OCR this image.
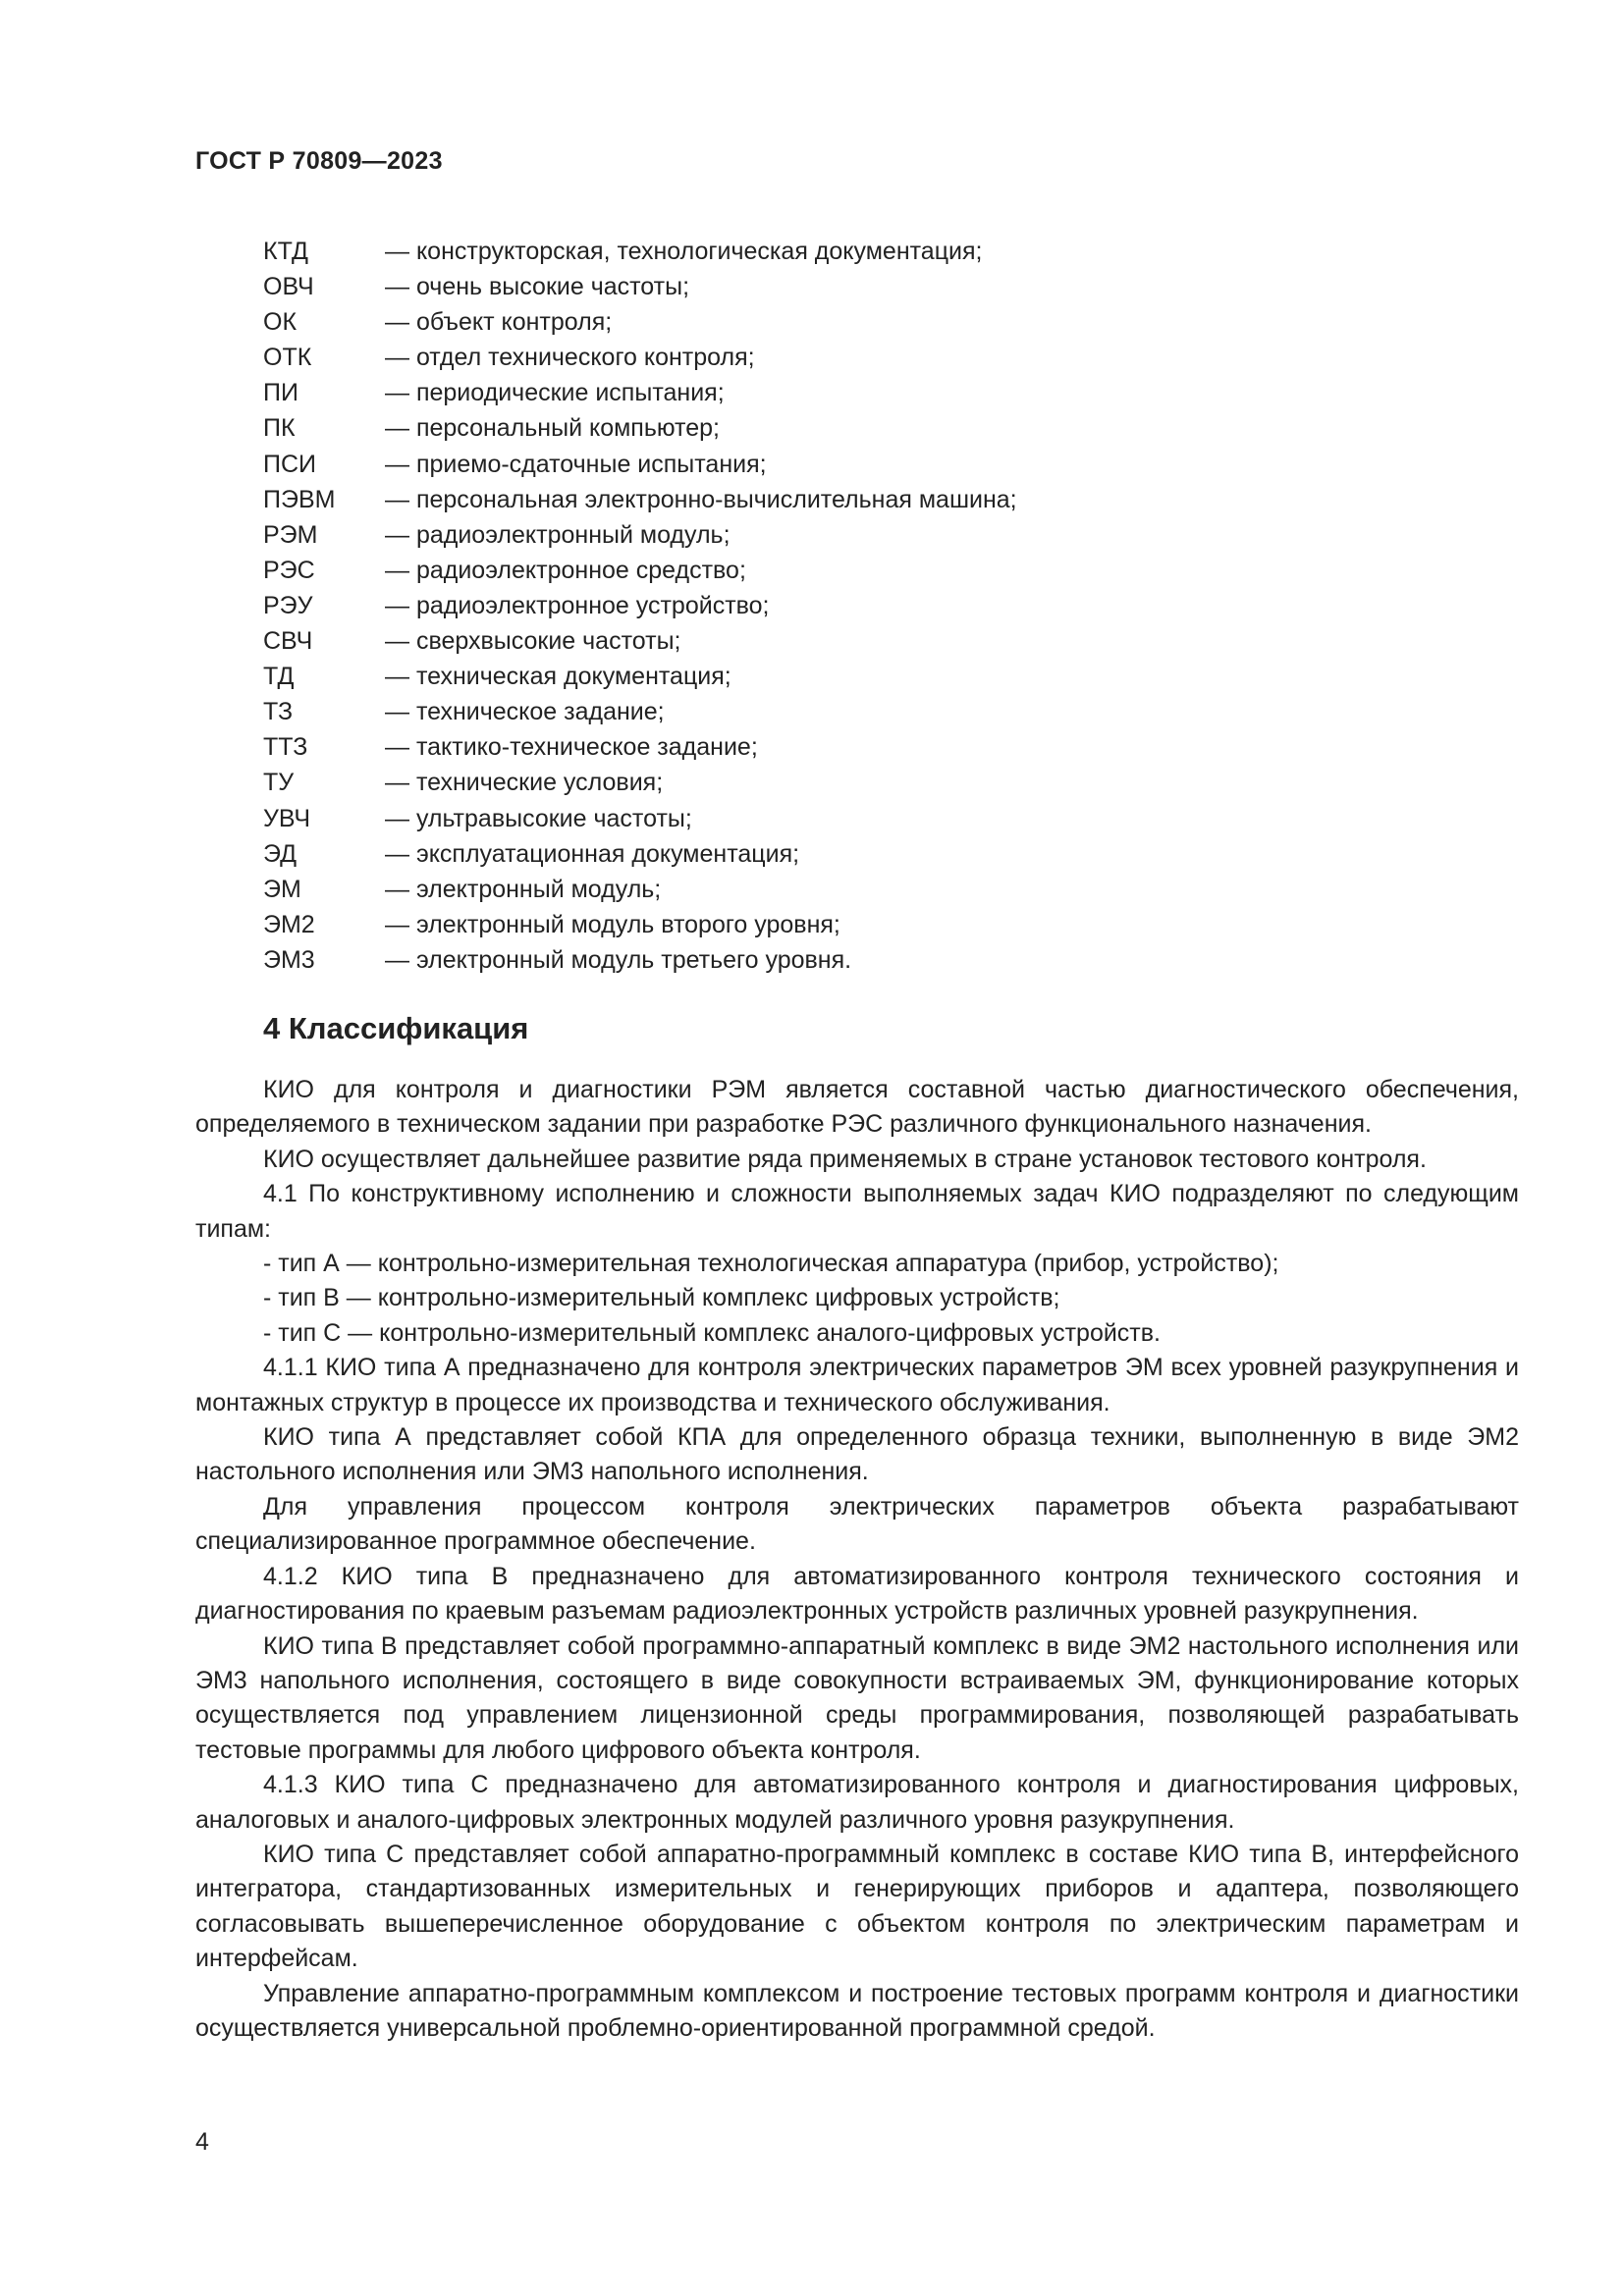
ГОСТ Р 70809—2023
КТД	— конструкторская, технологическая документация;
ОВЧ	— очень высокие частоты;
ОК	— объект контроля;
ОТК	— отдел технического контроля;
ПИ	— периодические испытания;
ПК	— персональный компьютер;
ПСИ	— приемо-сдаточные испытания;
ПЭВМ	— персональная электронно-вычислительная машина;
РЭМ	— радиоэлектронный модуль;
РЭС	— радиоэлектронное средство;
РЭУ	— радиоэлектронное устройство;
СВЧ	— сверхвысокие частоты;
ТД	— техническая документация;
ТЗ	— техническое задание;
ТТЗ	— тактико-техническое задание;
ТУ	— технические условия;
УВЧ	— ультравысокие частоты;
ЭД	— эксплуатационная документация;
ЭМ	— электронный модуль;
ЭМ2	— электронный модуль второго уровня;
ЭМ3	— электронный модуль третьего уровня.
4 Классификация

КИО для контроля и диагностики РЭМ является составной частью диагностического обеспечения, определяемого в техническом задании при разработке РЭС различного функционального назначения.

КИО осуществляет дальнейшее развитие ряда применяемых в стране установок тестового контроля.

4.1 По конструктивному исполнению и сложности выполняемых задач КИО подразделяют по следующим типам:

- тип А — контрольно-измерительная технологическая аппаратура (прибор, устройство);

- тип В — контрольно-измерительный комплекс цифровых устройств;

- тип С — контрольно-измерительный комплекс аналого-цифровых устройств.

4.1.1 КИО типа А предназначено для контроля электрических параметров ЭМ всех уровней разукрупнения и монтажных структур в процессе их производства и технического обслуживания.

КИО типа А представляет собой КПА для определенного образца техники, выполненную в виде ЭМ2 настольного исполнения или ЭМ3 напольного исполнения.

Для управления процессом контроля электрических параметров объекта разрабатывают специализированное программное обеспечение.

4.1.2 КИО типа В предназначено для автоматизированного контроля технического состояния и диагностирования по краевым разъемам радиоэлектронных устройств различных уровней разукрупнения.

КИО типа В представляет собой программно-аппаратный комплекс в виде ЭМ2 настольного исполнения или ЭМ3 напольного исполнения, состоящего в виде совокупности встраиваемых ЭМ, функционирование которых осуществляется под управлением лицензионной среды программирования, позволяющей разрабатывать тестовые программы для любого цифрового объекта контроля.

4.1.3 КИО типа С предназначено для автоматизированного контроля и диагностирования цифровых, аналоговых и аналого-цифровых электронных модулей различного уровня разукрупнения.

КИО типа С представляет собой аппаратно-программный комплекс в составе КИО типа В, интерфейсного интегратора, стандартизованных измерительных и генерирующих приборов и адаптера, позволяющего согласовывать вышеперечисленное оборудование с объектом контроля по электрическим параметрам и интерфейсам.

Управление аппаратно-программным комплексом и построение тестовых программ контроля и диагностики осуществляется универсальной проблемно-ориентированной программной средой.

4
